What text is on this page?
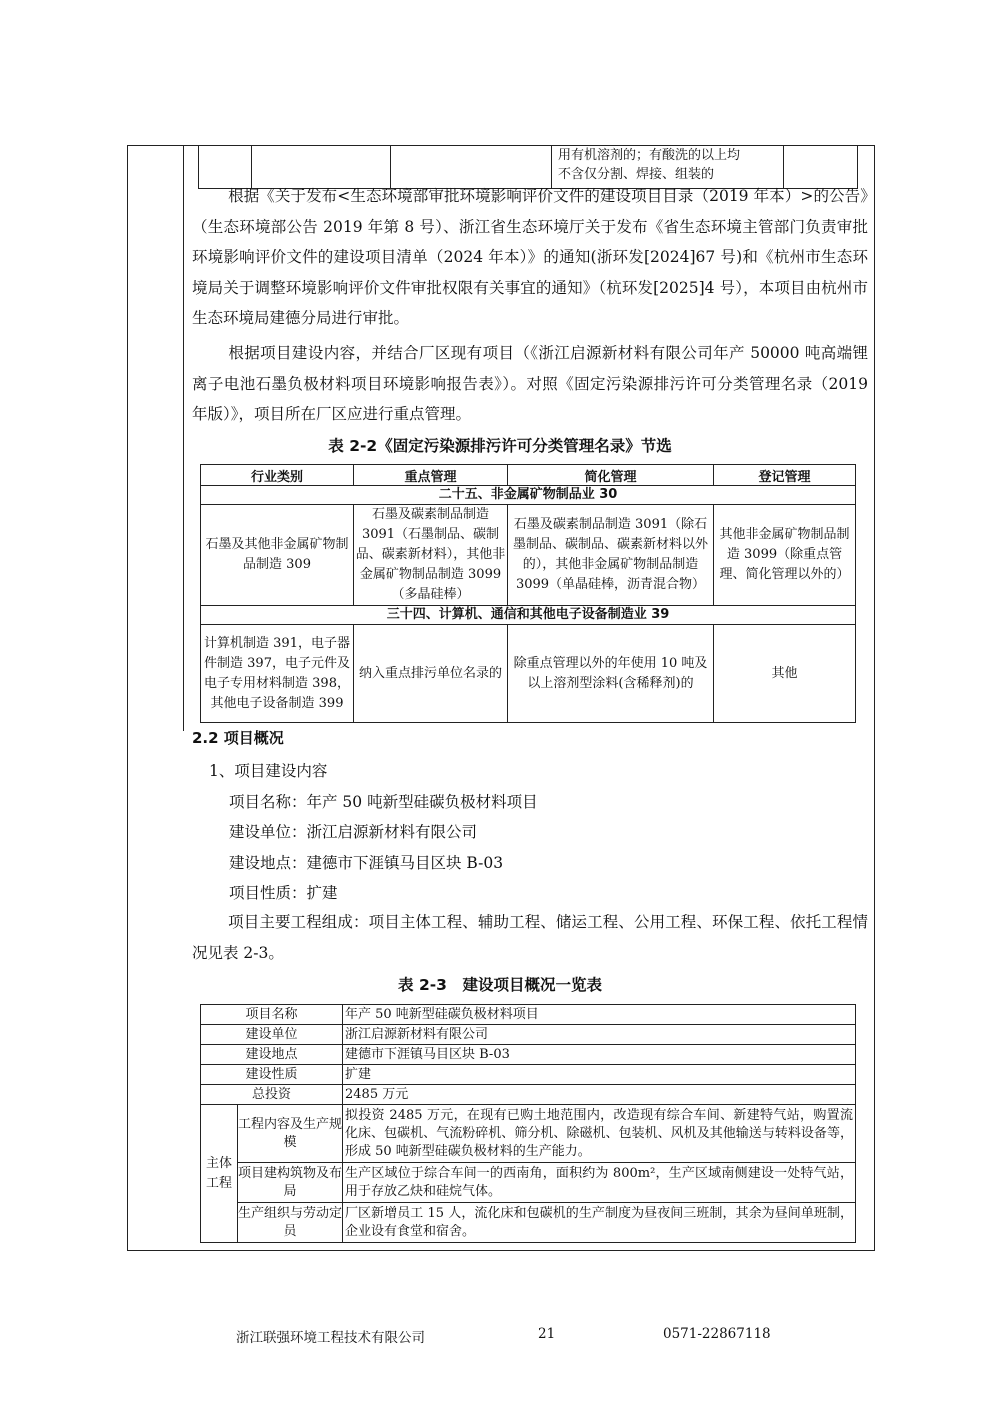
用有机溶剂的；有酸洗的以上均
不含仅分割、焊接、组装的

根据《关于发布<生态环境部审批环境影响评价文件的建设项目目录（2019 年本）>的公告》（生态环境部公告 2019 年第 8 号）、浙江省生态环境厅关于发布《省生态环境主管部门负责审批环境影响评价文件的建设项目清单（2024 年本）》的通知(浙环发[2024]67 号)和《杭州市生态环境局关于调整环境影响评价文件审批权限有关事宜的通知》（杭环发[2025]4 号），本项目由杭州市生态环境局建德分局进行审批。
根据项目建设内容，并结合厂区现有项目（《浙江启源新材料有限公司年产 50000 吨高端锂离子电池石墨负极材料项目环境影响报告表》）。对照《固定污染源排污许可分类管理名录（2019 年版）》，项目所在厂区应进行重点管理。
表 2-2《固定污染源排污许可分类管理名录》节选
行业类别	重点管理	简化管理	登记管理
二十五、非金属矿物制品业 30			
石墨及其他非金属矿物制品制造 309	石墨及碳素制品制造 3091（石墨制品、碳制品、碳素新材料），其他非金属矿物制品制造 3099（多晶硅棒）	石墨及碳素制品制造 3091（除石墨制品、碳制品、碳素新材料以外的），其他非金属矿物制品制造 3099（单晶硅棒，沥青混合物）	其他非金属矿物制品制造 3099（除重点管理、简化管理以外的）
三十四、计算机、通信和其他电子设备制造业 39			
计算机制造 391，电子器件制造 397，电子元件及电子专用材料制造 398，其他电子设备制造 399	纳入重点排污单位名录的	除重点管理以外的年使用 10 吨及以上溶剂型涂料(含稀释剂)的	其他
2.2 项目概况
1、项目建设内容
项目名称：年产 50 吨新型硅碳负极材料项目
建设单位：浙江启源新材料有限公司
建设地点：建德市下涯镇马目区块 B-03
项目性质：扩建
项目主要工程组成：项目主体工程、辅助工程、储运工程、公用工程、环保工程、依托工程情况见表 2-3。
表 2-3　建设项目概况一览表
项目名称		年产 50 吨新型硅碳负极材料项目
建设单位		浙江启源新材料有限公司
建设地点		建德市下涯镇马目区块 B-03
建设性质		扩建
总投资		2485 万元
主体工程	工程内容及生产规模	拟投资 2485 万元，在现有已购土地范围内，改造现有综合车间、新建特气站，购置流化床、包碳机、气流粉碎机、筛分机、除磁机、包装机、风机及其他输送与转料设备等，形成 50 吨新型硅碳负极材料的生产能力。
	项目建构筑物及布局	生产区域位于综合车间一的西南角，面积约为 800m²，生产区域南侧建设一处特气站，用于存放乙炔和硅烷气体。
	生产组织与劳动定员	厂区新增员工 15 人，流化床和包碳机的生产制度为昼夜间三班制，其余为昼间单班制，企业设有食堂和宿舍。
浙江联强环境工程技术有限公司	21	0571-22867118
